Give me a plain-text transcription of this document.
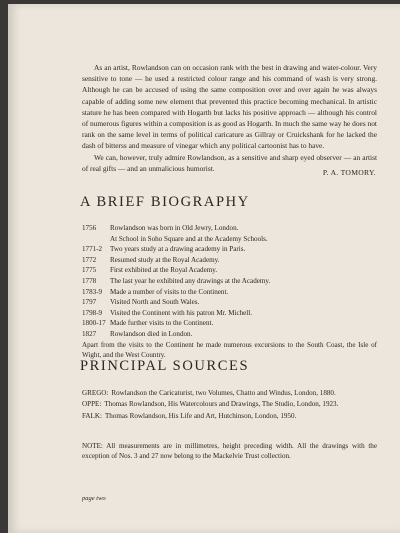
As an artist, Rowlandson can on occasion rank with the best in drawing and water-colour. Very sensitive to tone — he used a restricted colour range and his command of wash is very strong. Although he can be accused of using the same composition over and over again he was always capable of adding some new element that prevented this practice becoming mechanical. In artistic stature he has been compared with Hogarth but lacks his positive approach — although his control of numerous figures within a composition is as good as Hogarth. In much the same way he does not rank on the same level in terms of political caricature as Gillray or Cruickshank for he lacked the dash of bitterss and measure of vinegar which any political cartoonist has to have.

We can, however, truly admire Rowlandson, as a sensitive and sharp eyed observer — an artist of real gifts — and an unmalicious humorist.	P. A. TOMORY.
A BRIEF BIOGRAPHY
1756	Rowlandson was born in Old Jewry, London.
At School in Soho Square and at the Academy Schools.
1771-2	Two years study at a drawing academy in Paris.
1772	Resumed study at the Royal Academy.
1775	First exhibited at the Royal Academy.
1778	The last year he exhibited any drawings at the Academy.
1783-9	Made a number of visits to the Continent.
1797	Visited North and South Wales.
1798-9	Visited the Continent with his patron Mr. Michell.
1800-17 Made further visits to the Continent.
1827	Rowlandson died in London.
Apart from the visits to the Continent he made numerous excursions to the South Coast, the Isle of Wight, and the West Country.
PRINCIPAL SOURCES
GREGO: Rowlandson the Caricaturist, two Volumes, Chatto and Windus, London, 1880.
OPPE: Thomas Rowlandson, His Watercolours and Drawings, The Studio, London, 1923.
FALK: Thomas Rowlandson, His Life and Art, Hutchinson, London, 1950.
NOTE: All measurements are in millimetres, height preceding width. All the drawings with the exception of Nos. 3 and 27 now belong to the Mackelvie Trust collection.
page two
